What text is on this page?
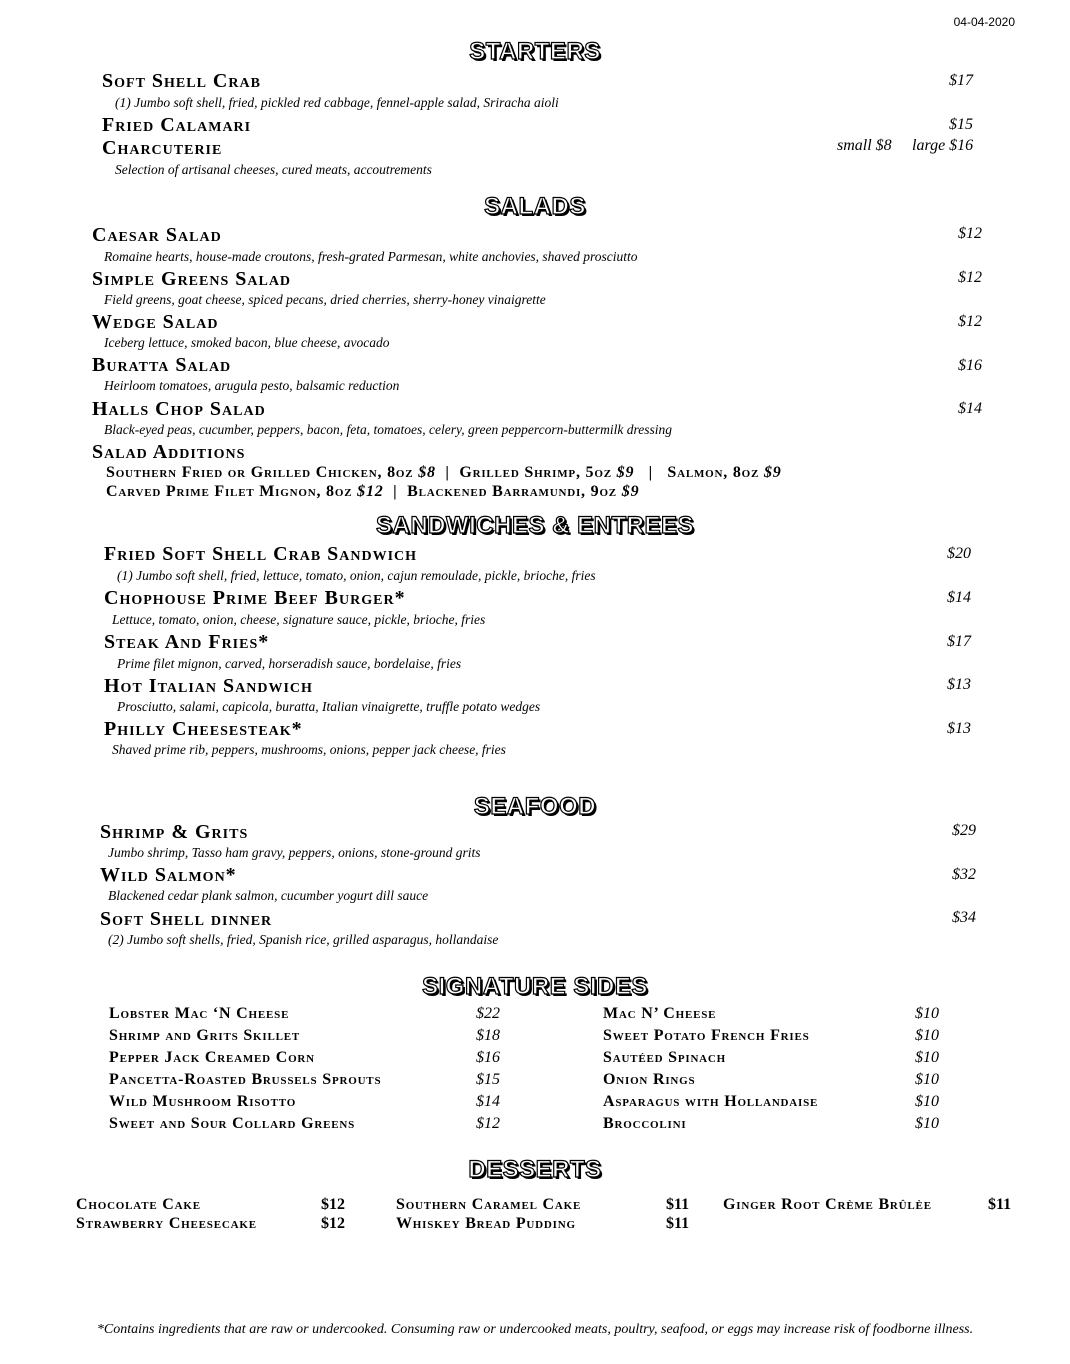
04-04-2020
STARTERS
Soft Shell Crab	$17
(1) Jumbo soft shell, fried, pickled red cabbage, fennel-apple salad, Sriracha aioli
Fried Calamari	$15
Charcuterie	small $8 large $16
Selection of artisanal cheeses, cured meats, accoutrements
SALADS
Caesar Salad	$12
Romaine hearts, house-made croutons, fresh-grated Parmesan, white anchovies, shaved prosciutto
Simple Greens Salad	$12
Field greens, goat cheese, spiced pecans, dried cherries, sherry-honey vinaigrette
Wedge Salad	$12
Iceberg lettuce, smoked bacon, blue cheese, avocado
Buratta Salad	$16
Heirloom tomatoes, arugula pesto, balsamic reduction
Halls Chop Salad	$14
Black-eyed peas, cucumber, peppers, bacon, feta, tomatoes, celery, green peppercorn-buttermilk dressing
Salad Additions
Southern Fried or Grilled Chicken, 8oz $8  |  Grilled Shrimp, 5oz $9   |   Salmon, 8oz $9
Carved Prime Filet Mignon, 8oz $12  |  Blackened Barramundi, 9oz $9
SANDWICHES & ENTREES
Fried Soft Shell Crab Sandwich	$20
(1) Jumbo soft shell, fried, lettuce, tomato, onion, cajun remoulade, pickle, brioche, fries
Chophouse Prime Beef Burger*	$14
Lettuce, tomato, onion, cheese, signature sauce, pickle, brioche, fries
Steak And Fries*	$17
Prime filet mignon, carved, horseradish sauce, bordelaise, fries
Hot Italian Sandwich	$13
Prosciutto, salami, capicola, buratta, Italian vinaigrette, truffle potato wedges
Philly Cheesesteak*	$13
Shaved prime rib, peppers, mushrooms, onions, pepper jack cheese, fries
SEAFOOD
Shrimp & Grits	$29
Jumbo shrimp, Tasso ham gravy, peppers, onions, stone-ground grits
Wild Salmon*	$32
Blackened cedar plank salmon, cucumber yogurt dill sauce
Soft Shell dinner	$34
(2) Jumbo soft shells, fried, Spanish rice, grilled asparagus, hollandaise
SIGNATURE SIDES
Lobster Mac ‘N Cheese	$22
Shrimp and Grits Skillet	$18
Pepper Jack Creamed Corn	$16
Pancetta-Roasted Brussels Sprouts	$15
Wild Mushroom Risotto	$14
Sweet and Sour Collard Greens	$12
Mac N’ Cheese	$10
Sweet Potato French Fries	$10
Sautéed Spinach	$10
Onion Rings	$10
Asparagus with Hollandaise	$10
Broccolini	$10
DESSERTS
Chocolate Cake	$12
Strawberry Cheesecake	$12
Southern Caramel Cake	$11
Whiskey Bread Pudding	$11
Ginger Root Crème Brûlèe	$11
*Contains ingredients that are raw or undercooked. Consuming raw or undercooked meats, poultry, seafood, or eggs may increase risk of foodborne illness.
